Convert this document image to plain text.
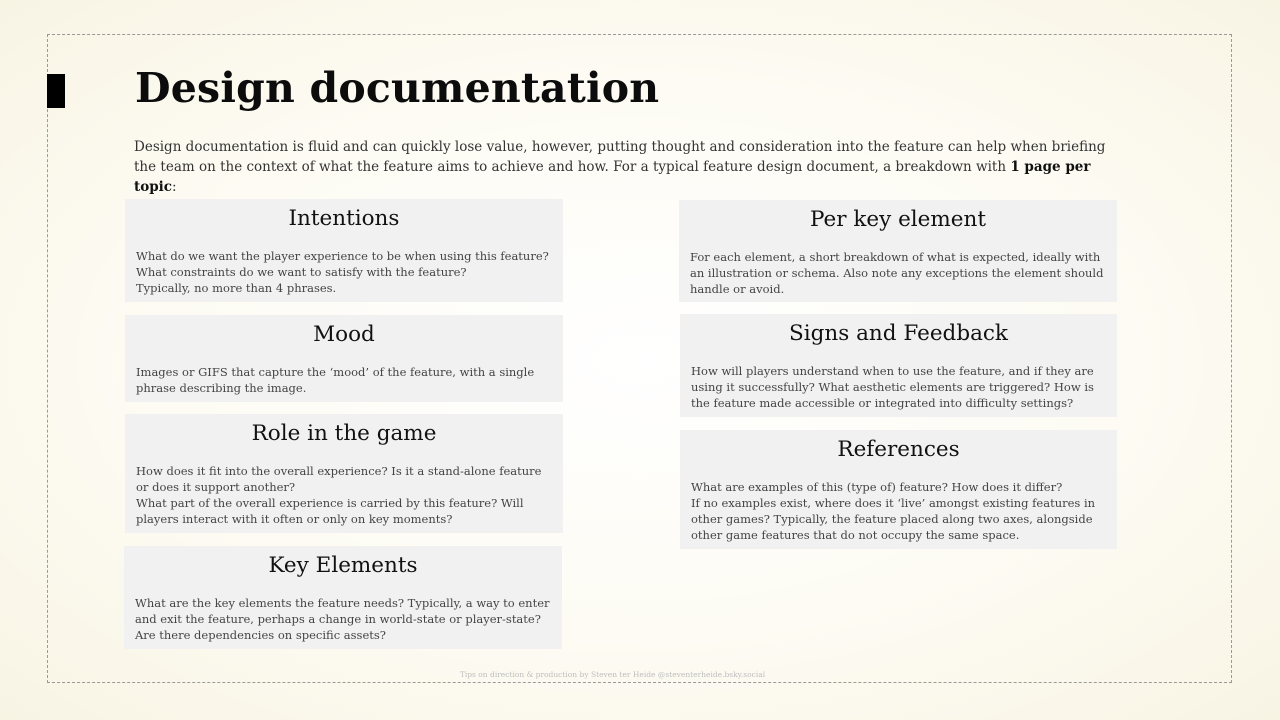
Design documentation

Design documentation is fluid and can quickly lose value, however, putting thought and consideration into the feature can help when briefing the team on the context of what the feature aims to achieve and how. For a typical feature design document, a breakdown with 1 page per topic:

Intentions
What do we want the player experience to be when using this feature?
What constraints do we want to satisfy with the feature?
Typically, no more than 4 phrases.
Mood
Images or GIFS that capture the ‘mood’ of the feature, with a single phrase describing the image.
Role in the game
How does it fit into the overall experience? Is it a stand-alone feature or does it support another?
What part of the overall experience is carried by this feature? Will players interact with it often or only on key moments?
Key Elements
What are the key elements the feature needs? Typically, a way to enter and exit the feature, perhaps a change in world-state or player-state?
Are there dependencies on specific assets?
Per key element
For each element, a short breakdown of what is expected, ideally with an illustration or schema. Also note any exceptions the element should handle or avoid.
Signs and Feedback
How will players understand when to use the feature, and if they are using it successfully? What aesthetic elements are triggered? How is the feature made accessible or integrated into difficulty settings?
References
What are examples of this (type of) feature? How does it differ?
If no examples exist, where does it ‘live’ amongst existing features in other games? Typically, the feature placed along two axes, alongside other game features that do not occupy the same space.
Tips on direction & production by Steven ter Heide @steventerheide.bsky.social
